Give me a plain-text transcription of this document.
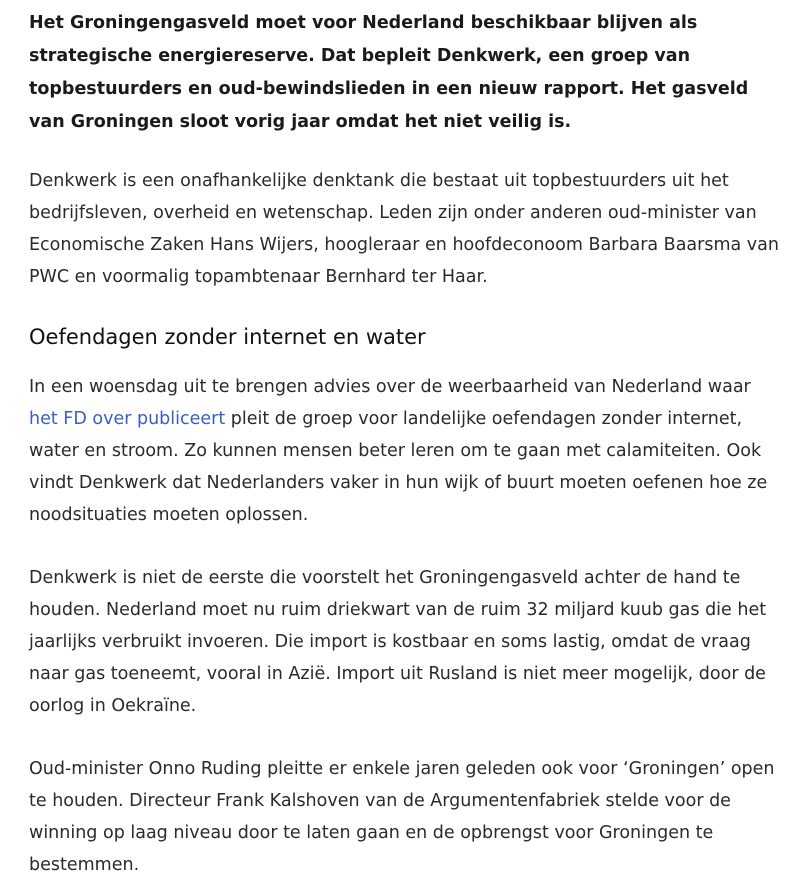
Het Groningengasveld moet voor Nederland beschikbaar blijven als strategische energiereserve. Dat bepleit Denkwerk, een groep van topbestuurders en oud-bewindslieden in een nieuw rapport. Het gasveld van Groningen sloot vorig jaar omdat het niet veilig is.

Denkwerk is een onafhankelijke denktank die bestaat uit topbestuurders uit het bedrijfsleven, overheid en wetenschap. Leden zijn onder anderen oud-minister van Economische Zaken Hans Wijers, hoogleraar en hoofdeconoom Barbara Baarsma van PWC en voormalig topambtenaar Bernhard ter Haar.

Oefendagen zonder internet en water

In een woensdag uit te brengen advies over de weerbaarheid van Nederland waar het FD over publiceert pleit de groep voor landelijke oefendagen zonder internet, water en stroom. Zo kunnen mensen beter leren om te gaan met calamiteiten. Ook vindt Denkwerk dat Nederlanders vaker in hun wijk of buurt moeten oefenen hoe ze noodsituaties moeten oplossen.

Denkwerk is niet de eerste die voorstelt het Groningengasveld achter de hand te houden. Nederland moet nu ruim driekwart van de ruim 32 miljard kuub gas die het jaarlijks verbruikt invoeren. Die import is kostbaar en soms lastig, omdat de vraag naar gas toeneemt, vooral in Azië. Import uit Rusland is niet meer mogelijk, door de oorlog in Oekraïne.

Oud-minister Onno Ruding pleitte er enkele jaren geleden ook voor ‘Groningen’ open te houden. Directeur Frank Kalshoven van de Argumentenfabriek stelde voor de winning op laag niveau door te laten gaan en de opbrengst voor Groningen te bestemmen.
